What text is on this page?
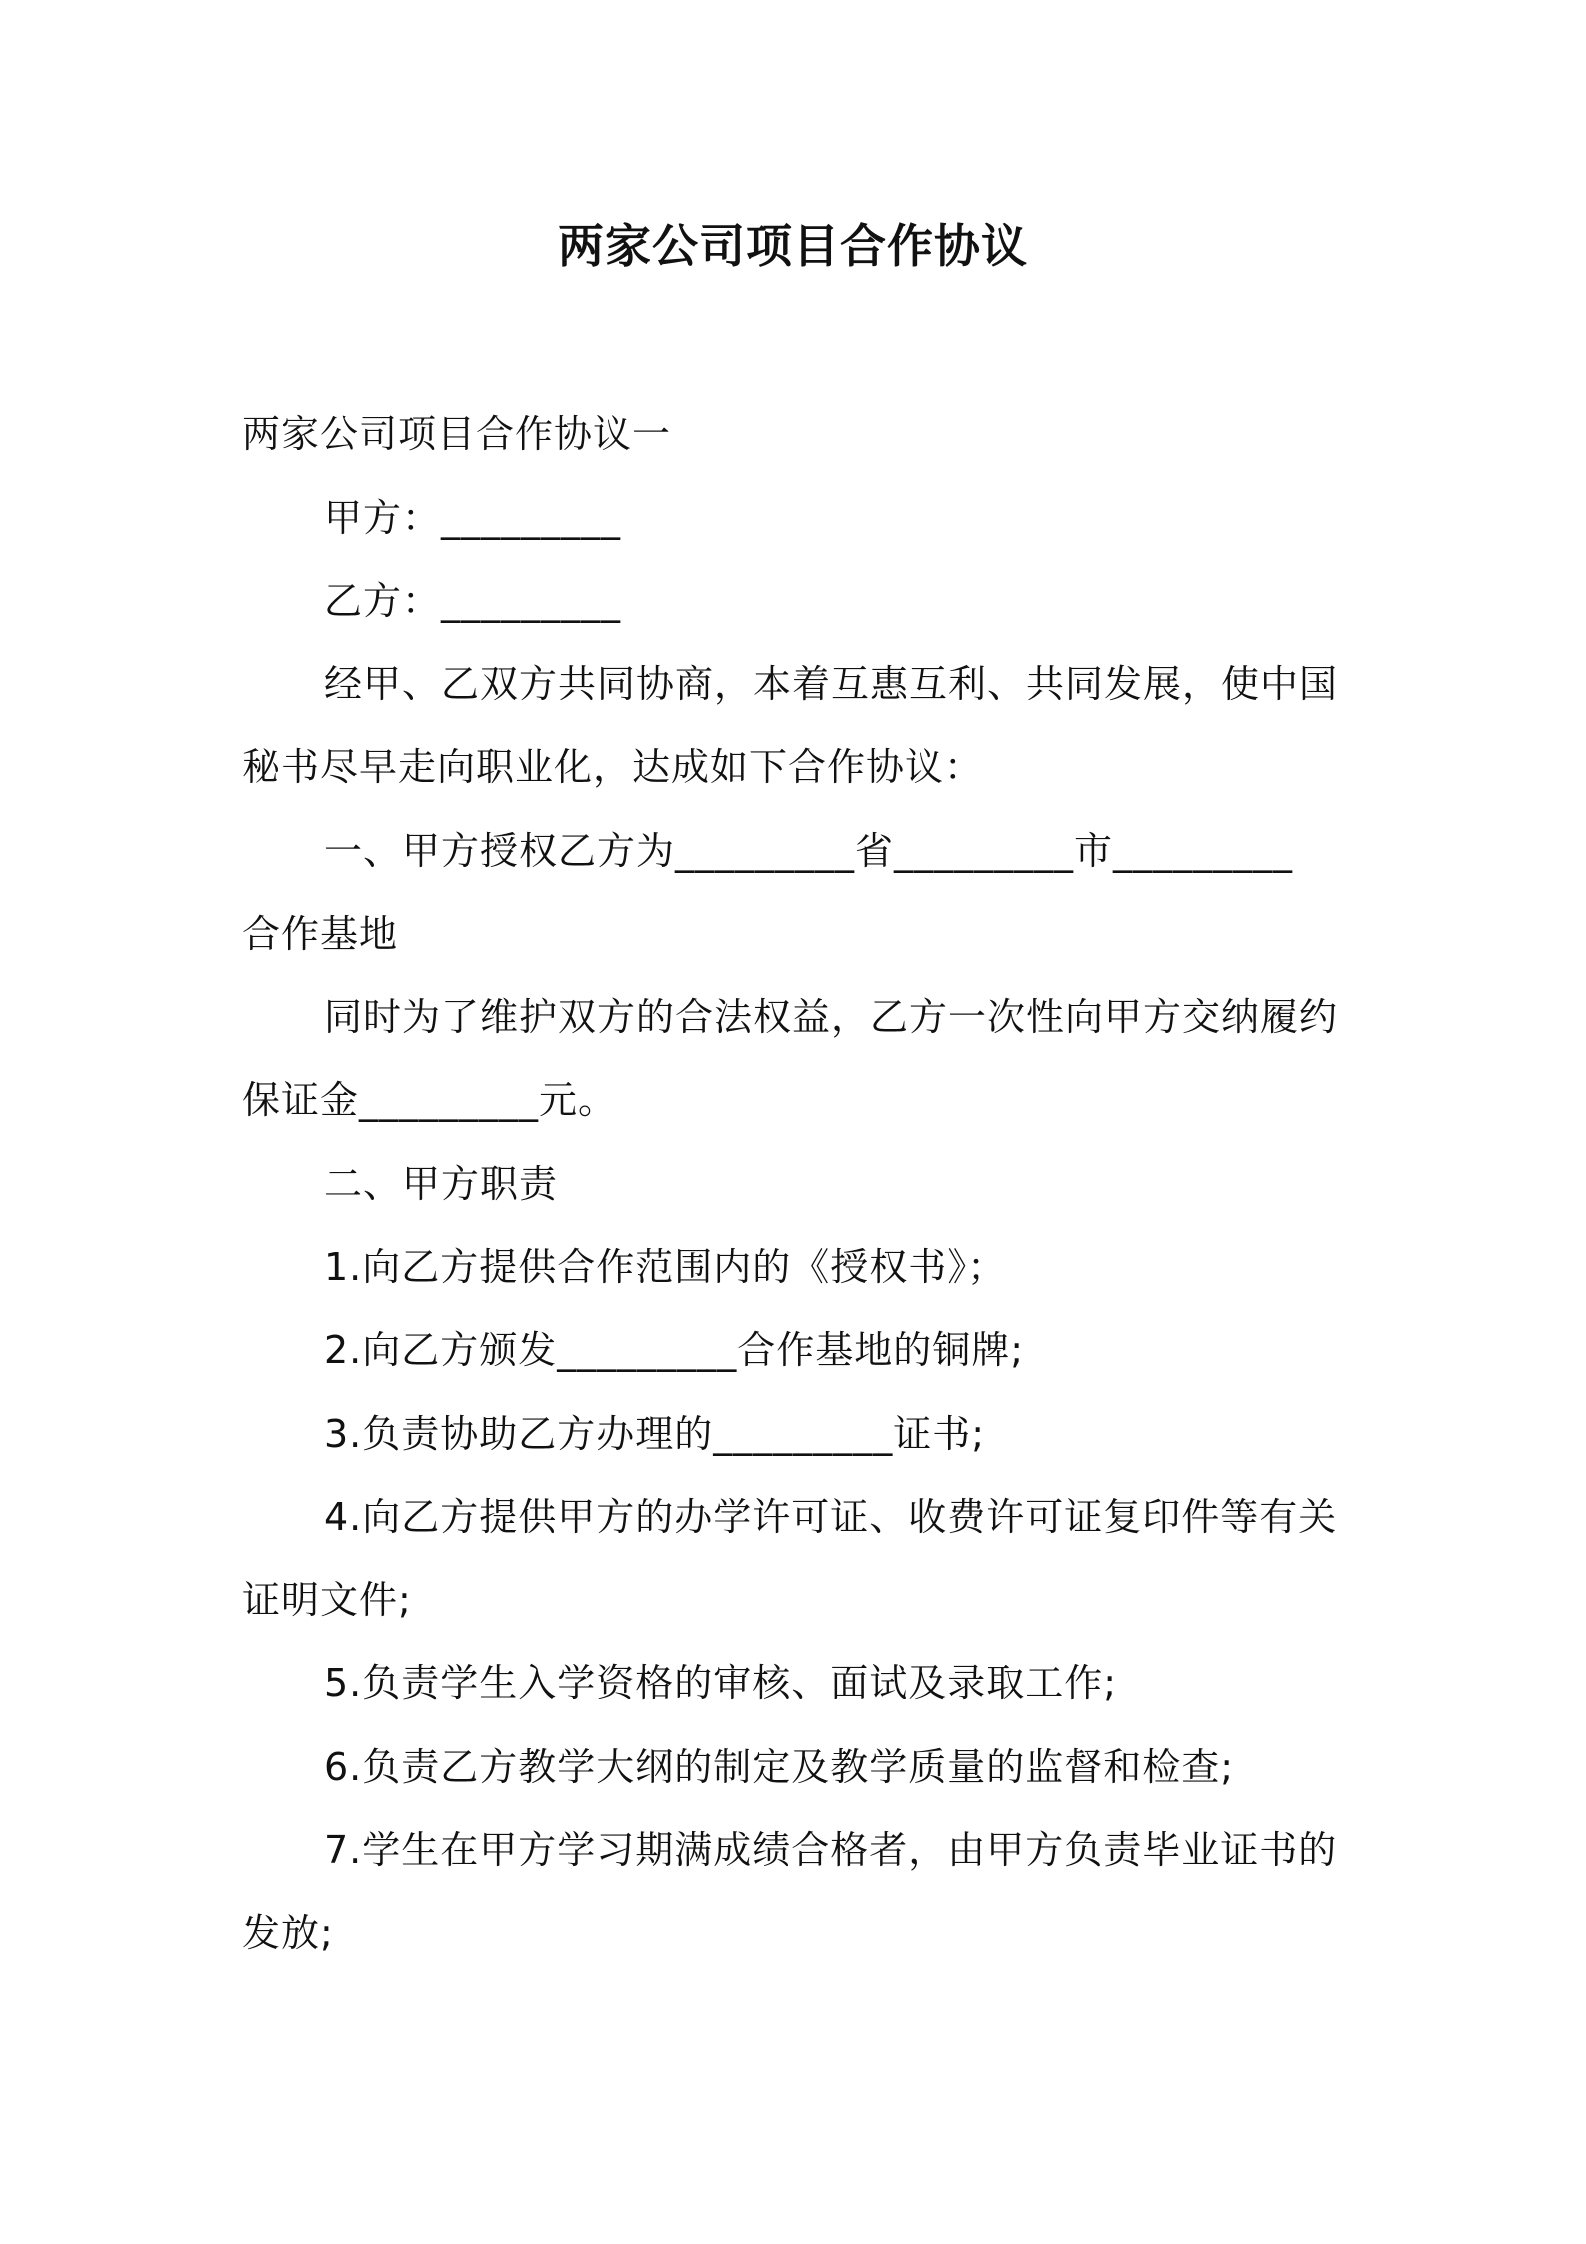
两家公司项目合作协议
两家公司项目合作协议一
甲方：_________
乙方：_________
经甲、乙双方共同协商，本着互惠互利、共同发展，使中国
秘书尽早走向职业化，达成如下合作协议：
一、甲方授权乙方为_________省_________市_________
合作基地
同时为了维护双方的合法权益，乙方一次性向甲方交纳履约
保证金_________元。
二、甲方职责
1.向乙方提供合作范围内的《授权书》；
2.向乙方颁发_________合作基地的铜牌;
3.负责协助乙方办理的_________证书;
4.向乙方提供甲方的办学许可证、收费许可证复印件等有关
证明文件;
5.负责学生入学资格的审核、面试及录取工作;
6.负责乙方教学大纲的制定及教学质量的监督和检查;
7.学生在甲方学习期满成绩合格者，由甲方负责毕业证书的
发放;
